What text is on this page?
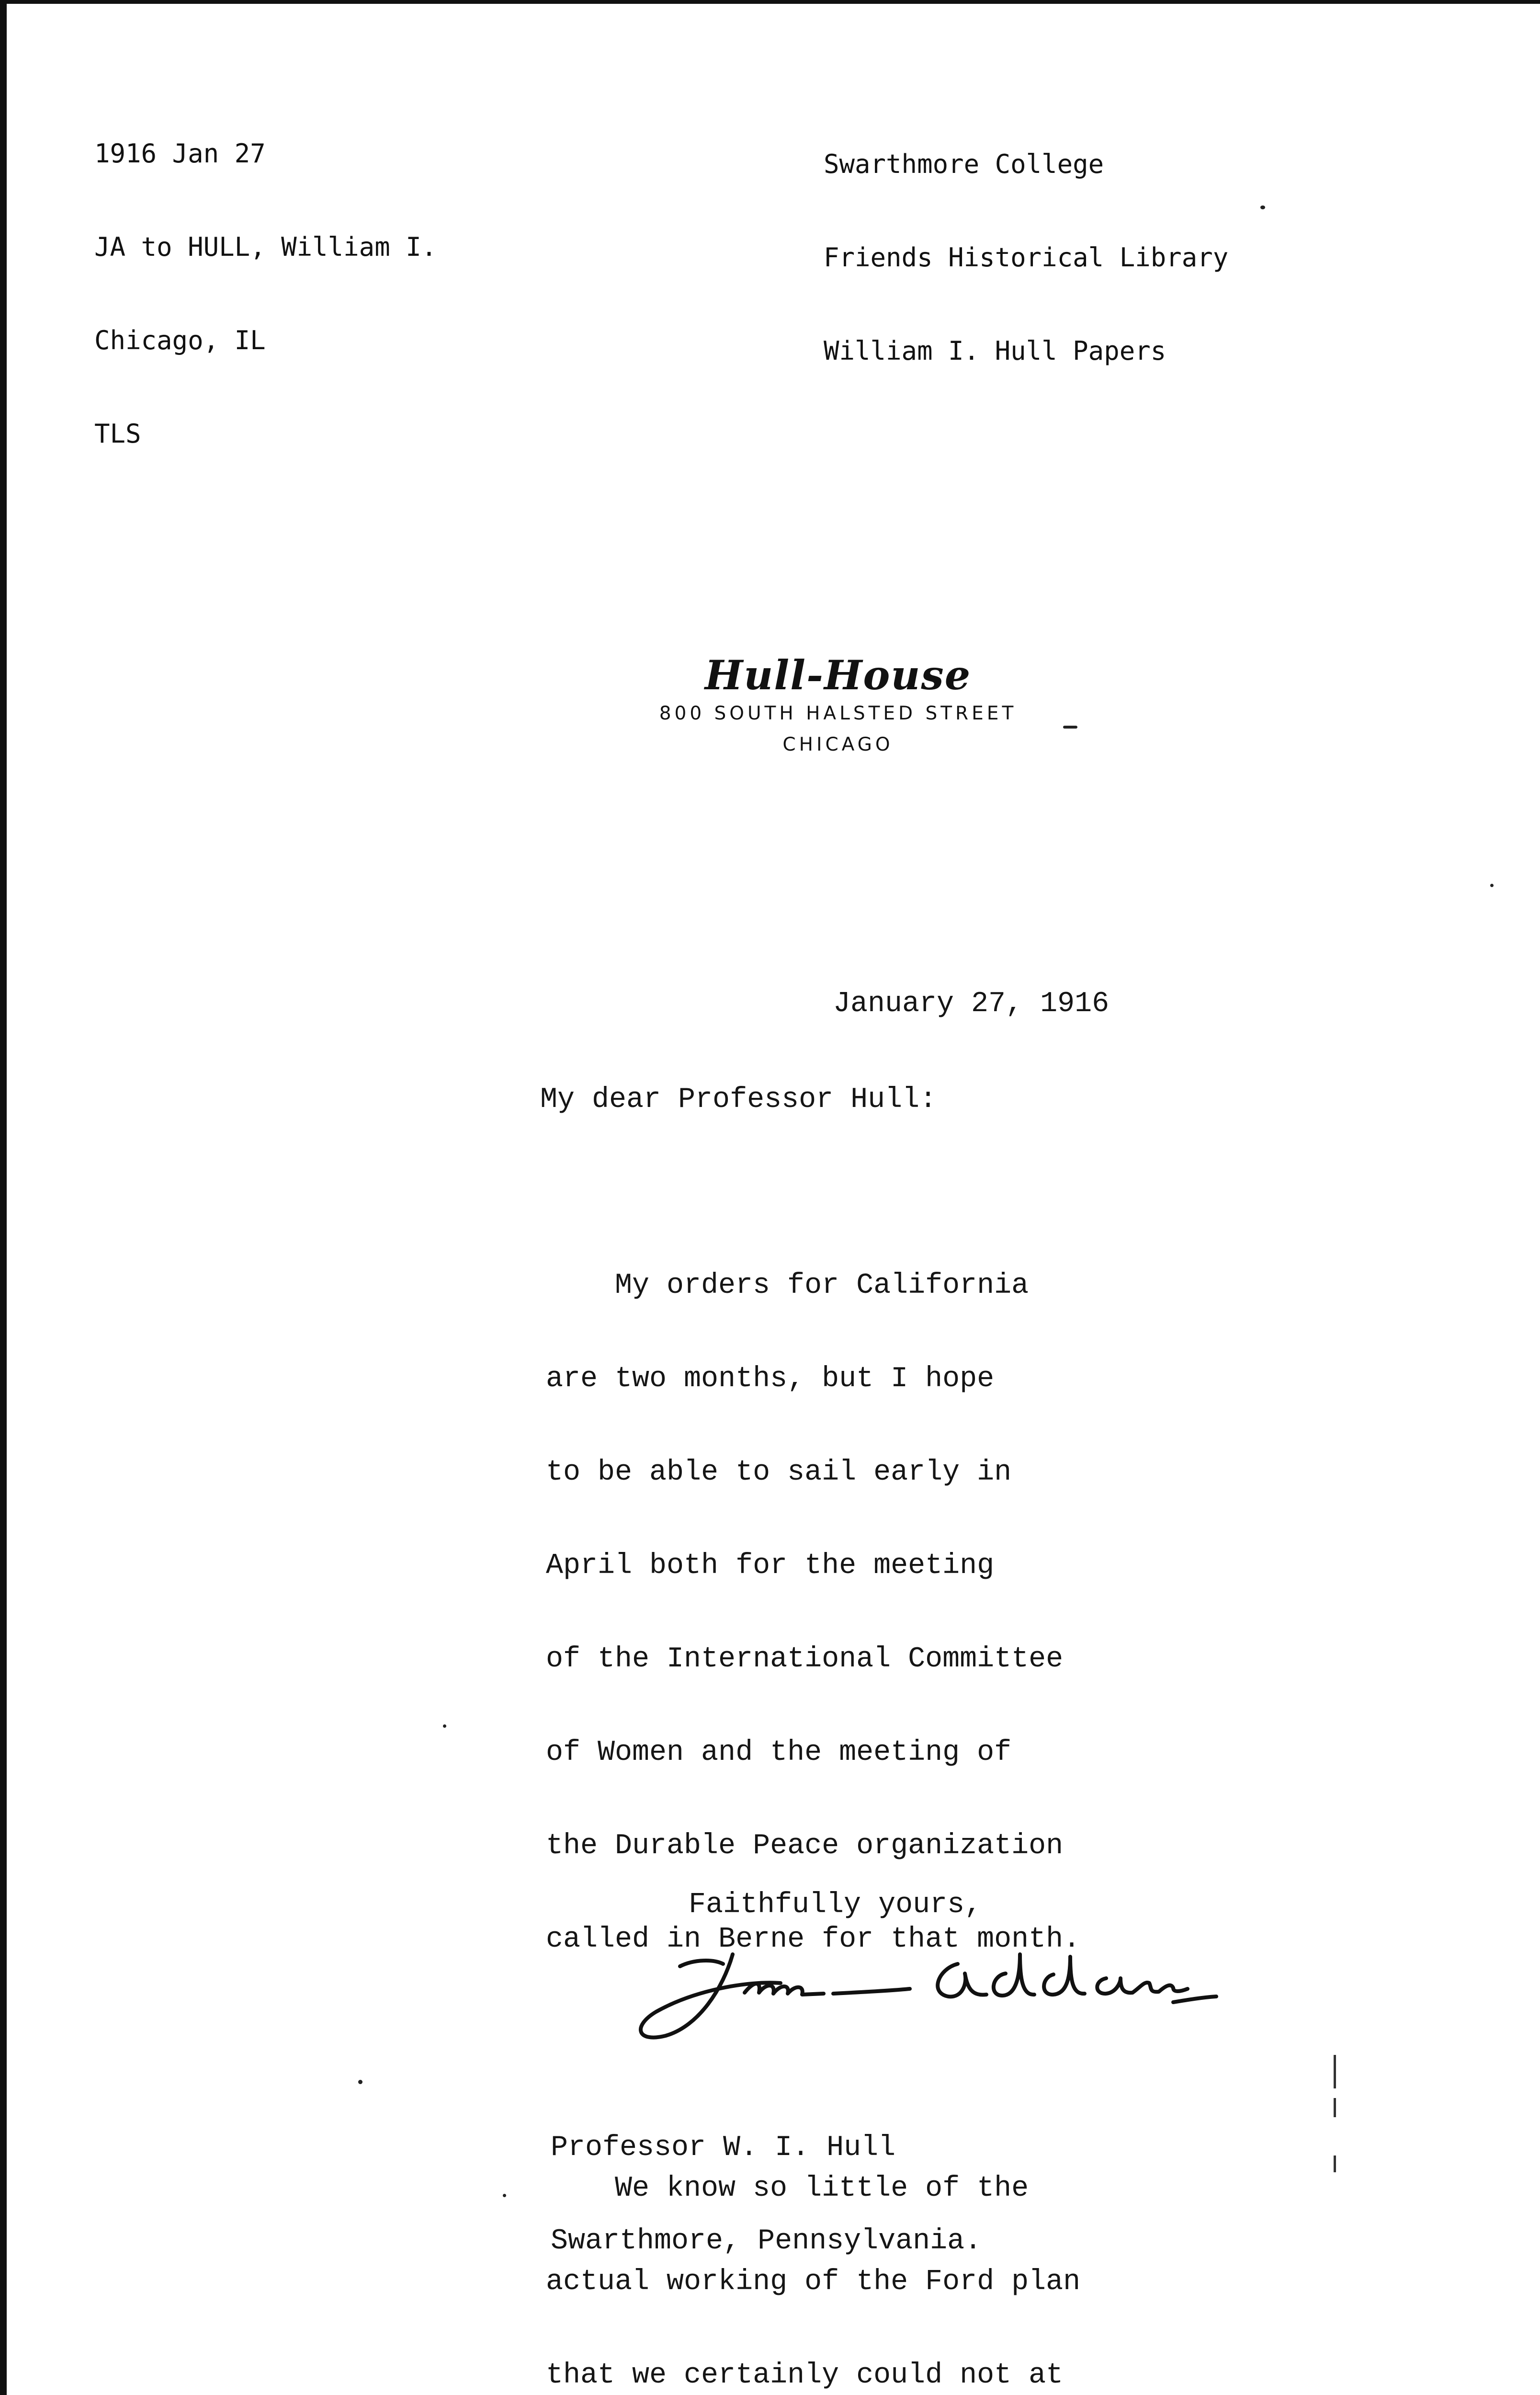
1916 Jan 27

JA to HULL, William I.

Chicago, IL

TLS

Swarthmore College

Friends Historical Library

William I. Hull Papers

Hull-House
800 SOUTH HALSTED STREET
CHICAGO
January 27, 1916
My dear Professor Hull:

My orders for California

are two months, but I hope

to be able to sail early in

April both for the meeting

of the International Committee

of Women and the meeting of

the Durable Peace organization

called in Berne for that month.

We know so little of the

actual working of the Ford plan

that we certainly could not at

Faithfully yours,

Professor W. I. Hull

Swarthmore, Pennsylvania.
